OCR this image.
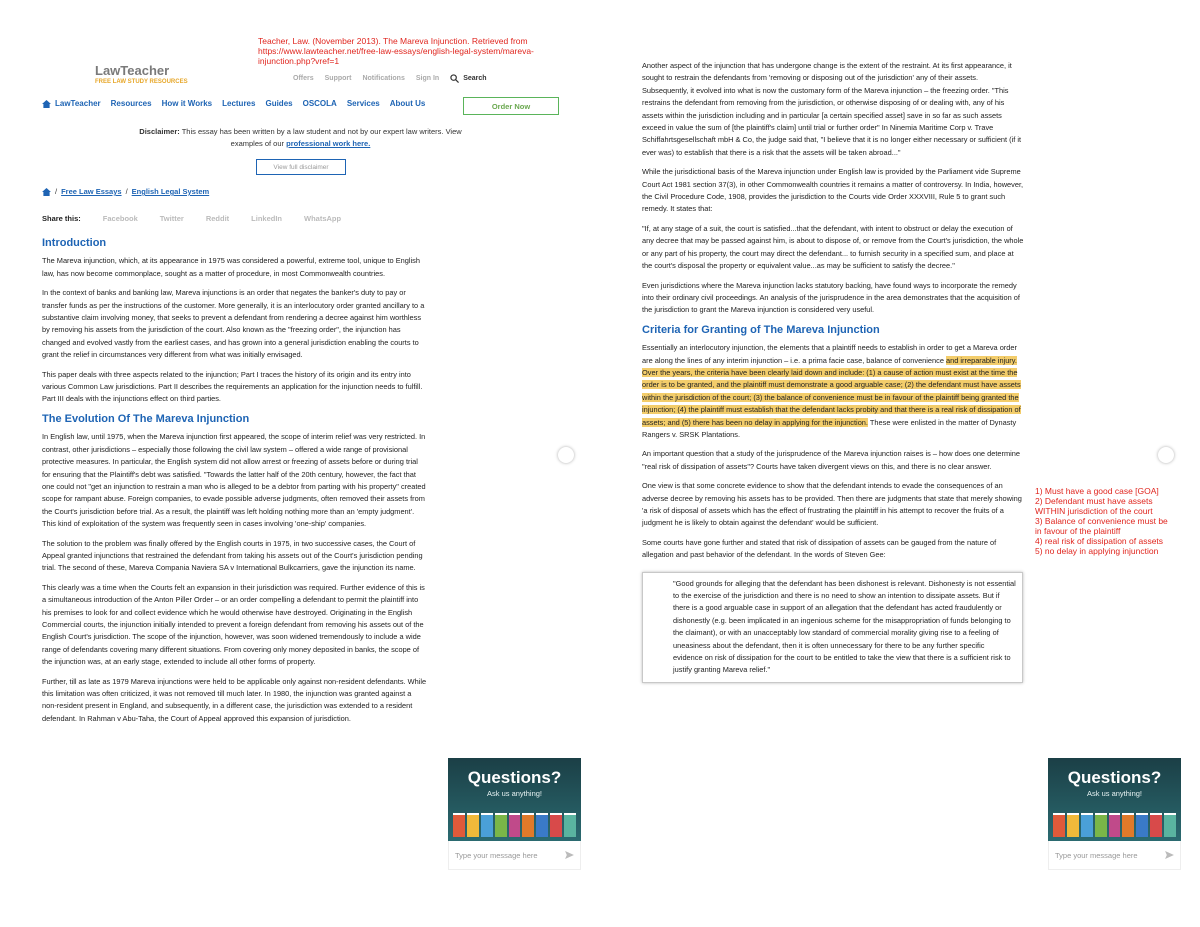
Teacher, Law. (November 2013). The Mareva Injunction. Retrieved from https://www.lawteacher.net/free-law-essays/english-legal-system/mareva-injunction.php?vref=1
LawTeacher
FREE LAW STUDY RESOURCES	Offers Support Notifications Sign In	Search
LawTeacher Resources How it Works Lectures Guides OSCOLA Services About Us	Order Now
Disclaimer: This essay has been written by a law student and not by our expert law writers. View examples of our professional work here.
View full disclaimer
/ Free Law Essays / English Legal System
Share this:	Facebook	Twitter	Reddit	LinkedIn	WhatsApp
Introduction

The Mareva injunction, which, at its appearance in 1975 was considered a powerful, extreme tool, unique to English law, has now become commonplace, sought as a matter of procedure, in most Commonwealth countries.

In the context of banks and banking law, Mareva injunctions is an order that negates the banker's duty to pay or transfer funds as per the instructions of the customer. More generally, it is an interlocutory order granted ancillary to a substantive claim involving money, that seeks to prevent a defendant from rendering a decree against him worthless by removing his assets from the jurisdiction of the court. Also known as the "freezing order", the injunction has changed and evolved vastly from the earliest cases, and has grown into a general jurisdiction enabling the courts to grant the relief in circumstances very different from what was initially envisaged.

This paper deals with three aspects related to the injunction; Part I traces the history of its origin and its entry into various Common Law jurisdictions. Part II describes the requirements an application for the injunction needs to fulfill. Part III deals with the injunctions effect on third parties.

The Evolution Of The Mareva Injunction

In English law, until 1975, when the Mareva injunction first appeared, the scope of interim relief was very restricted. In contrast, other jurisdictions – especially those following the civil law system – offered a wide range of provisional protective measures. In particular, the English system did not allow arrest or freezing of assets before or during trial for ensuring that the Plaintiff's debt was satisfied. "Towards the latter half of the 20th century, however, the fact that one could not "get an injunction to restrain a man who is alleged to be a debtor from parting with his property" created scope for rampant abuse. Foreign companies, to evade possible adverse judgments, often removed their assets from the Court's jurisdiction before trial. As a result, the plaintiff was left holding nothing more than an 'empty judgment'. This kind of exploitation of the system was frequently seen in cases involving 'one-ship' companies.

The solution to the problem was finally offered by the English courts in 1975, in two successive cases, the Court of Appeal granted injunctions that restrained the defendant from taking his assets out of the Court's jurisdiction pending trial. The second of these, Mareva Compania Naviera SA v International Bulkcarriers, gave the injunction its name.

This clearly was a time when the Courts felt an expansion in their jurisdiction was required. Further evidence of this is a simultaneous introduction of the Anton Piller Order – or an order compelling a defendant to permit the plaintiff into his premises to look for and collect evidence which he would otherwise have destroyed. Originating in the English Commercial courts, the injunction initially intended to prevent a foreign defendant from removing his assets out of the English Court's jurisdiction. The scope of the injunction, however, was soon widened tremendously to include a wide range of defendants covering many different situations. From covering only money deposited in banks, the scope of the injunction was, at an early stage, extended to include all other forms of property.

Further, till as late as 1979 Mareva injunctions were held to be applicable only against non-resident defendants. While this limitation was often criticized, it was not removed till much later. In 1980, the injunction was granted against a non-resident present in England, and subsequently, in a different case, the jurisdiction was extended to a resident defendant. In Rahman v Abu-Taha, the Court of Appeal approved this expansion of jurisdiction.

Another aspect of the injunction that has undergone change is the extent of the restraint. At its first appearance, it sought to restrain the defendants from 'removing or disposing out of the jurisdiction' any of their assets. Subsequently, it evolved into what is now the customary form of the Mareva injunction – the freezing order. "This restrains the defendant from removing from the jurisdiction, or otherwise disposing of or dealing with, any of his assets within the jurisdiction including and in particular [a certain specified asset] save in so far as such assets exceed in value the sum of [the plaintiff's claim] until trial or further order" In Ninemia Maritime Corp v. Trave Schiffahrtsgesellschaft mbH & Co, the judge said that, "I believe that it is no longer either necessary or sufficient (if it ever was) to establish that there is a risk that the assets will be taken abroad..."

While the jurisdictional basis of the Mareva injunction under English law is provided by the Parliament vide Supreme Court Act 1981 section 37(3), in other Commonwealth countries it remains a matter of controversy. In India, however, the Civil Procedure Code, 1908, provides the jurisdiction to the Courts vide Order XXXVIII, Rule 5 to grant such remedy. It states that:

"If, at any stage of a suit, the court is satisfied...that the defendant, with intent to obstruct or delay the execution of any decree that may be passed against him, is about to dispose of, or remove from the Court's jurisdiction, the whole or any part of his property, the court may direct the defendant... to furnish security in a specified sum, and place at the court's disposal the property or equivalent value...as may be sufficient to satisfy the decree."

Even jurisdictions where the Mareva injunction lacks statutory backing, have found ways to incorporate the remedy into their ordinary civil proceedings. An analysis of the jurisprudence in the area demonstrates that the acquisition of the jurisdiction to grant the Mareva injunction is considered very useful.

Criteria for Granting of The Mareva Injunction

Essentially an interlocutory injunction, the elements that a plaintiff needs to establish in order to get a Mareva order are along the lines of any interim injunction – i.e. a prima facie case, balance of convenience and irreparable injury. Over the years, the criteria have been clearly laid down and include: (1) a cause of action must exist at the time the order is to be granted, and the plaintiff must demonstrate a good arguable case; (2) the defendant must have assets within the jurisdiction of the court; (3) the balance of convenience must be in favour of the plaintiff being granted the injunction; (4) the plaintiff must establish that the defendant lacks probity and that there is a real risk of dissipation of assets; and (5) there has been no delay in applying for the injunction. These were enlisted in the matter of Dynasty Rangers v. SRSK Plantations.

An important question that a study of the jurisprudence of the Mareva injunction raises is – how does one determine "real risk of dissipation of assets"? Courts have taken divergent views on this, and there is no clear answer.

One view is that some concrete evidence to show that the defendant intends to evade the consequences of an adverse decree by removing his assets has to be provided. Then there are judgments that state that merely showing 'a risk of disposal of assets which has the effect of frustrating the plaintiff in his attempt to recover the fruits of a judgment he is likely to obtain against the defendant' would be sufficient.

Some courts have gone further and stated that risk of dissipation of assets can be gauged from the nature of allegation and past behavior of the defendant. In the words of Steven Gee:

"Good grounds for alleging that the defendant has been dishonest is relevant. Dishonesty is not essential to the exercise of the jurisdiction and there is no need to show an intention to dissipate assets. But if there is a good arguable case in support of an allegation that the defendant has acted fraudulently or dishonestly (e.g. been implicated in an ingenious scheme for the misappropriation of funds belonging to the claimant), or with an unacceptably low standard of commercial morality giving rise to a feeling of uneasiness about the defendant, then it is often unnecessary for there to be any further specific evidence on risk of dissipation for the court to be entitled to take the view that there is a sufficient risk to justify granting Mareva relief."
1) Must have a good case [GOA]
2) Defendant must have assets WITHIN jurisdiction of the court
3) Balance of convenience must be in favour of the plaintiff
4) real risk of dissipation of assets
5) no delay in applying injunction
Questions?
Ask us anything!
Type your message here
Questions?
Ask us anything!
Type your message here
